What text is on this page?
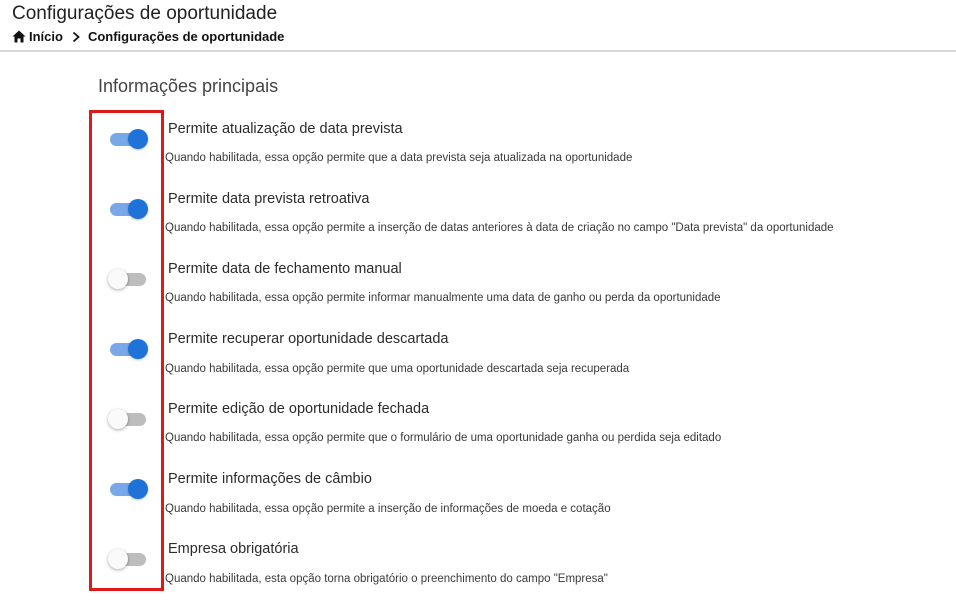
Configurações de oportunidade
Início Configurações de oportunidade
Informações principais
Permite atualização de data prevista
Quando habilitada, essa opção permite que a data prevista seja atualizada na oportunidade
Permite data prevista retroativa
Quando habilitada, essa opção permite a inserção de datas anteriores à data de criação no campo "Data prevista" da oportunidade
Permite data de fechamento manual
Quando habilitada, essa opção permite informar manualmente uma data de ganho ou perda da oportunidade
Permite recuperar oportunidade descartada
Quando habilitada, essa opção permite que uma oportunidade descartada seja recuperada
Permite edição de oportunidade fechada
Quando habilitada, essa opção permite que o formulário de uma oportunidade ganha ou perdida seja editado
Permite informações de câmbio
Quando habilitada, essa opção permite a inserção de informações de moeda e cotação
Empresa obrigatória
Quando habilitada, esta opção torna obrigatório o preenchimento do campo "Empresa"
